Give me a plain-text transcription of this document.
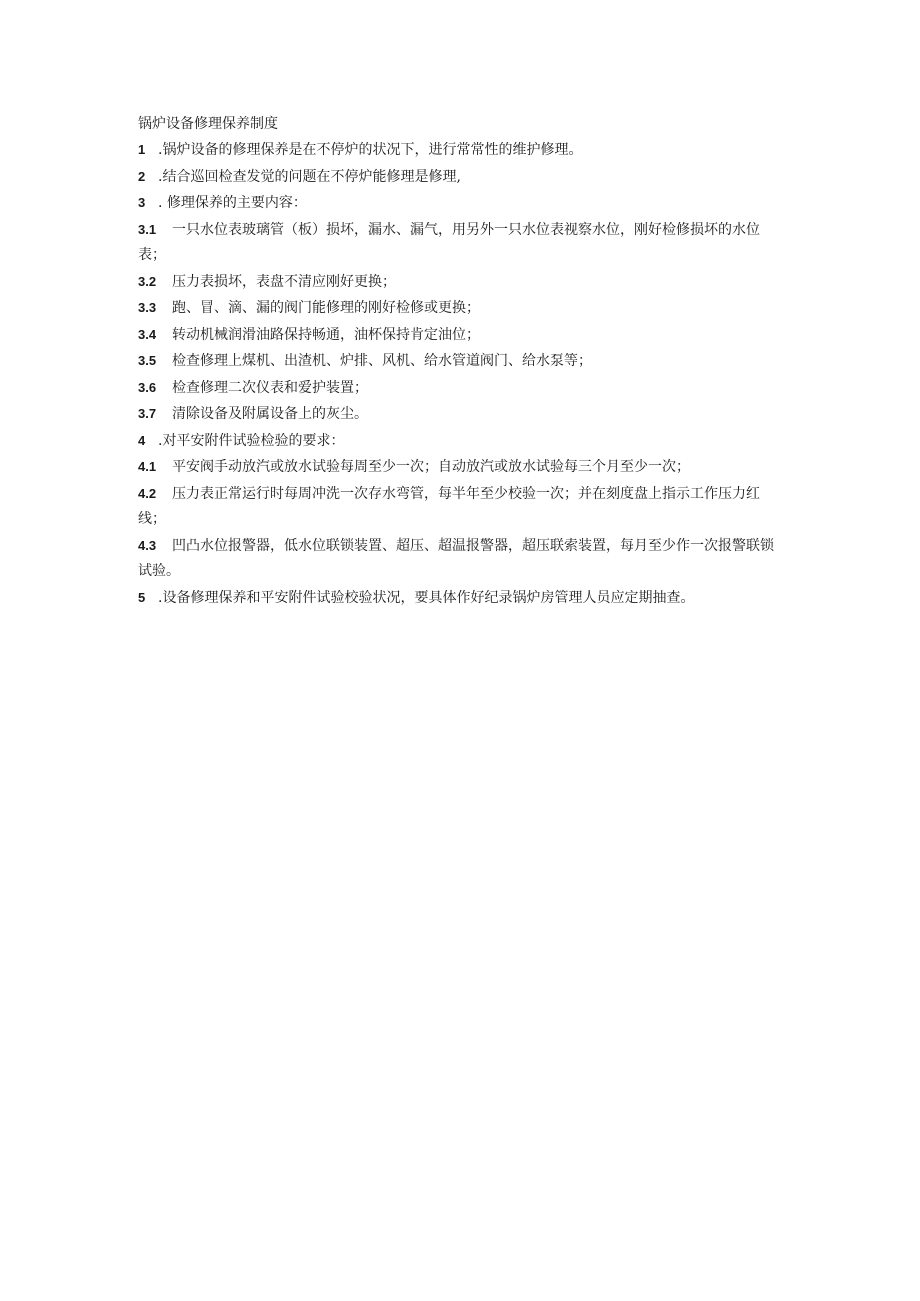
锅炉设备修理保养制度
1 .锅炉设备的修理保养是在不停炉的状况下，进行常常性的维护修理。
2 .结合巡回检查发觉的问题在不停炉能修理是修理,
3 . 修理保养的主要内容：
3.1 一只水位表玻璃管（板）损坏，漏水、漏气，用另外一只水位表视察水位，刚好检修损坏的水位表；
3.2 压力表损坏，表盘不清应刚好更换；
3.3 跑、冒、滴、漏的阀门能修理的刚好检修或更换；
3.4 转动机械润滑油路保持畅通，油杯保持肯定油位；
3.5 检查修理上煤机、出渣机、炉排、风机、给水管道阀门、给水泵等；
3.6 检查修理二次仪表和爱护装置；
3.7 清除设备及附属设备上的灰尘。
4 .对平安附件试验检验的要求：
4.1 平安阀手动放汽或放水试验每周至少一次；自动放汽或放水试验每三个月至少一次；
4.2 压力表正常运行时每周冲洗一次存水弯管，每半年至少校验一次；并在刻度盘上指示工作压力红线；
4.3 凹凸水位报警器，低水位联锁装置、超压、超温报警器，超压联索装置，每月至少作一次报警联锁试验。
5 .设备修理保养和平安附件试验校验状况，要具体作好纪录锅炉房管理人员应定期抽查。
